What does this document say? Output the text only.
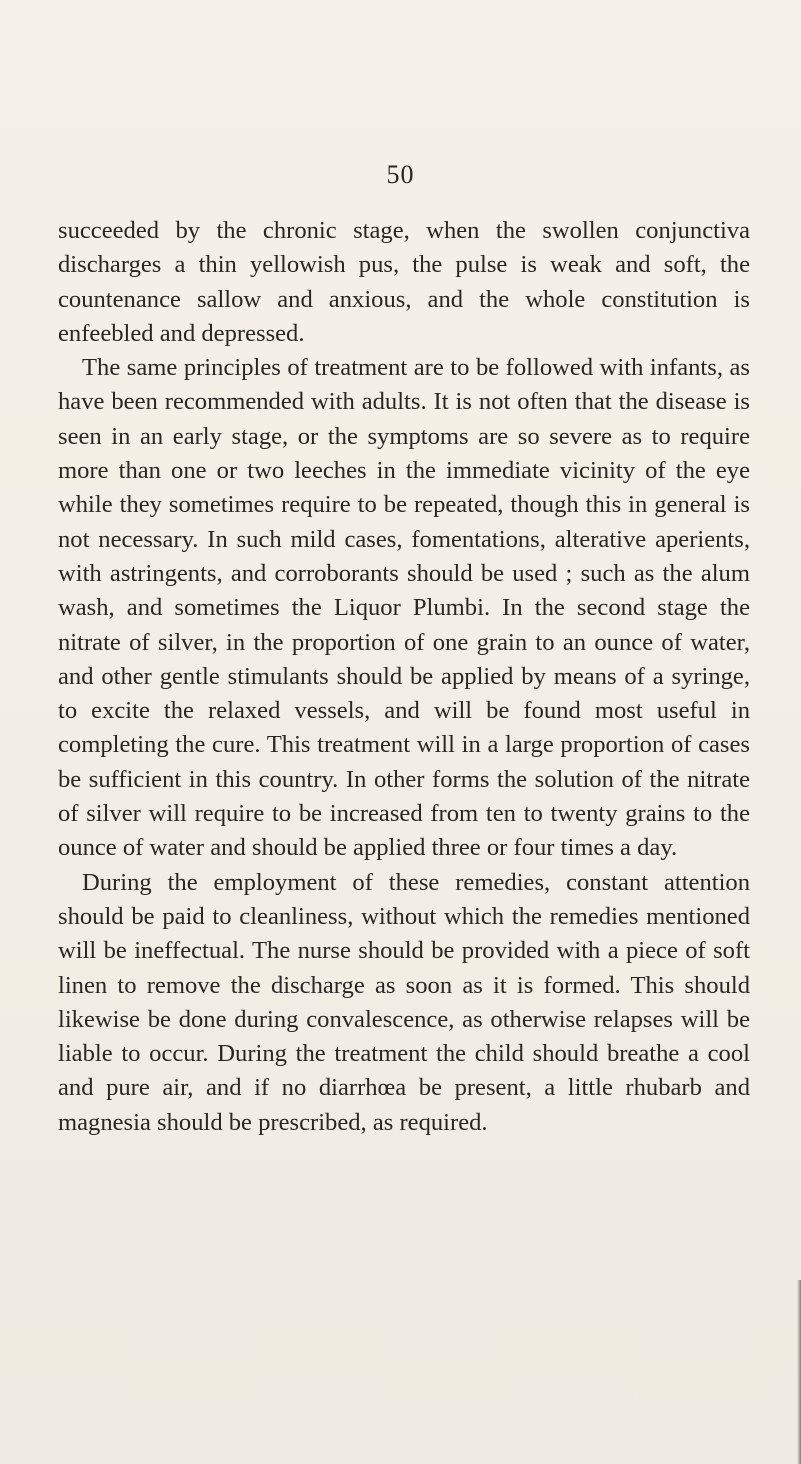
50

succeeded by the chronic stage, when the swollen conjunctiva discharges a thin yellowish pus, the pulse is weak and soft, the countenance sallow and anxious, and the whole constitution is enfeebled and depressed.

The same principles of treatment are to be followed with infants, as have been recommended with adults. It is not often that the disease is seen in an early stage, or the symptoms are so severe as to require more than one or two leeches in the immediate vicinity of the eye while they sometimes require to be repeated, though this in general is not necessary. In such mild cases, fomentations, alterative aperients, with astringents, and corroborants should be used ; such as the alum wash, and sometimes the Liquor Plumbi. In the second stage the nitrate of silver, in the proportion of one grain to an ounce of water, and other gentle stimulants should be applied by means of a syringe, to excite the relaxed vessels, and will be found most useful in completing the cure. This treatment will in a large proportion of cases be sufficient in this country. In other forms the solution of the nitrate of silver will require to be increased from ten to twenty grains to the ounce of water and should be applied three or four times a day.

During the employment of these remedies, constant attention should be paid to cleanliness, without which the remedies mentioned will be ineffectual. The nurse should be provided with a piece of soft linen to remove the discharge as soon as it is formed. This should likewise be done during convalescence, as otherwise relapses will be liable to occur. During the treatment the child should breathe a cool and pure air, and if no diarrhœa be present, a little rhubarb and magnesia should be prescribed, as required.
